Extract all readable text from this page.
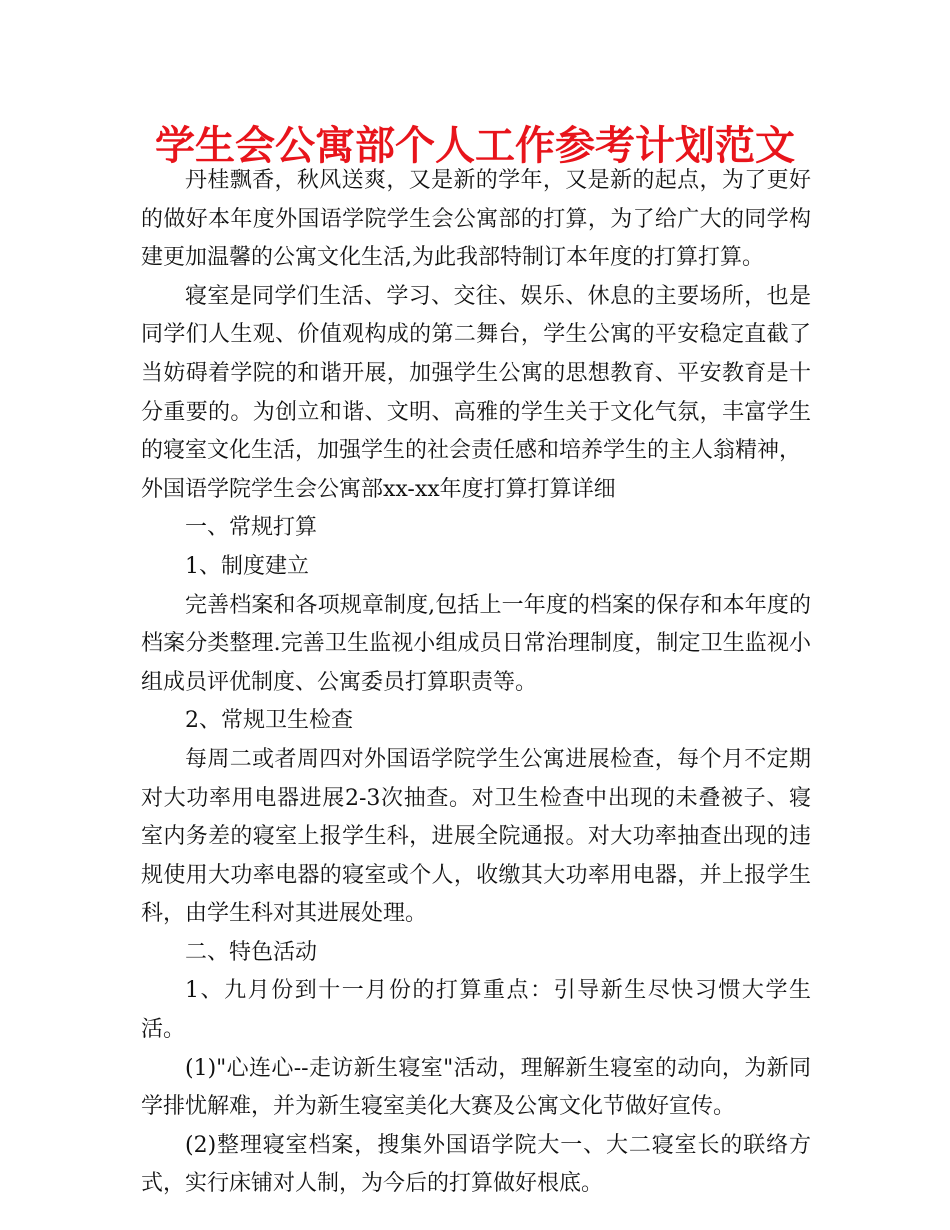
学生会公寓部个人工作参考计划范文

丹桂飘香，秋风送爽，又是新的学年，又是新的起点，为了更好的做好本年度外国语学院学生会公寓部的打算，为了给广大的同学构建更加温馨的公寓文化生活,为此我部特制订本年度的打算打算。

寝室是同学们生活、学习、交往、娱乐、休息的主要场所，也是同学们人生观、价值观构成的第二舞台，学生公寓的平安稳定直截了当妨碍着学院的和谐开展，加强学生公寓的思想教育、平安教育是十分重要的。为创立和谐、文明、高雅的学生关于文化气氛，丰富学生的寝室文化生活，加强学生的社会责任感和培养学生的主人翁精神，

外国语学院学生会公寓部xx-xx年度打算打算详细

一、常规打算

1、制度建立

完善档案和各项规章制度,包括上一年度的档案的保存和本年度的档案分类整理.完善卫生监视小组成员日常治理制度，制定卫生监视小组成员评优制度、公寓委员打算职责等。

2、常规卫生检查

每周二或者周四对外国语学院学生公寓进展检查，每个月不定期对大功率用电器进展2-3次抽查。对卫生检查中出现的未叠被子、寝室内务差的寝室上报学生科，进展全院通报。对大功率抽查出现的违规使用大功率电器的寝室或个人，收缴其大功率用电器，并上报学生科，由学生科对其进展处理。

二、特色活动

1、九月份到十一月份的打算重点：引导新生尽快习惯大学生活。

(1)"心连心--走访新生寝室"活动，理解新生寝室的动向，为新同学排忧解难，并为新生寝室美化大赛及公寓文化节做好宣传。

(2)整理寝室档案，搜集外国语学院大一、大二寝室长的联络方式，实行床铺对人制，为今后的打算做好根底。
